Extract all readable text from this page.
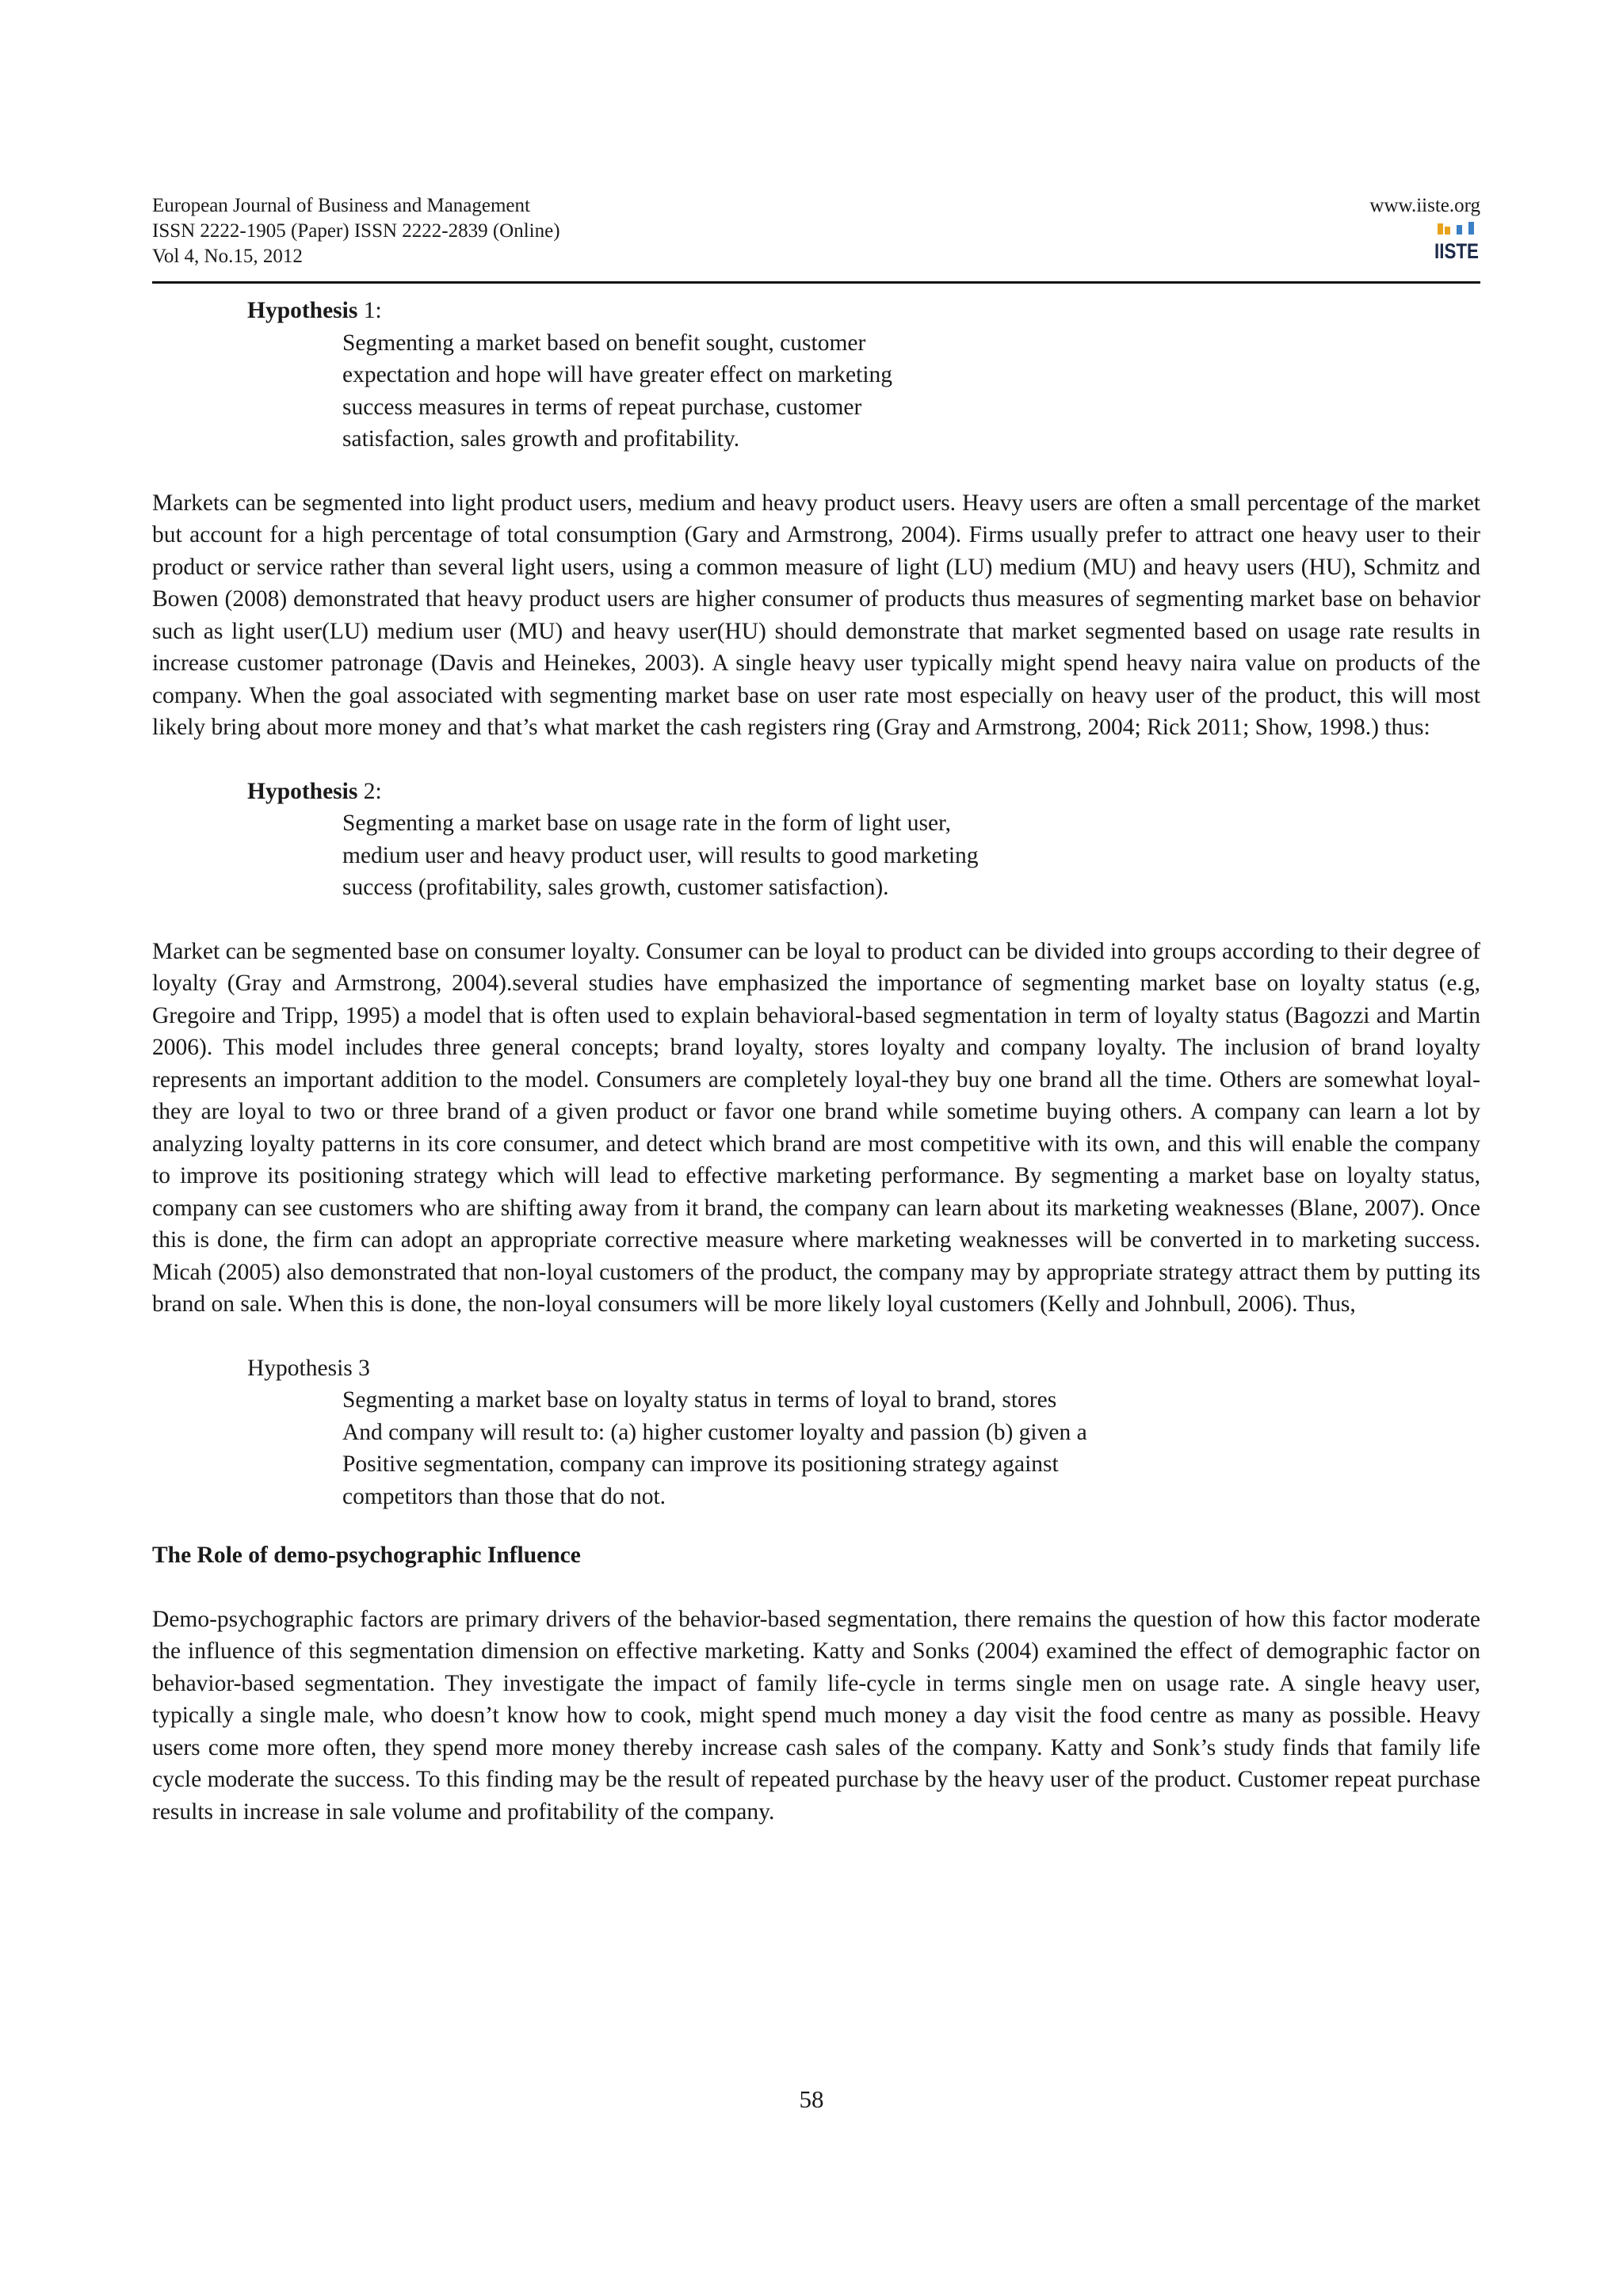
European Journal of Business and Management
ISSN 2222-1905 (Paper) ISSN 2222-2839 (Online)
Vol 4, No.15, 2012
www.iiste.org
IISTE
Hypothesis 1:
Segmenting a market based on benefit sought, customer
expectation and hope will have greater effect on marketing
success measures in terms of repeat purchase, customer
satisfaction, sales growth and profitability.

Markets can be segmented into light product users, medium and heavy product users. Heavy users are often a small percentage of the market but account for a high percentage of total consumption (Gary and Armstrong, 2004). Firms usually prefer to attract one heavy user to their product or service rather than several light users, using a common measure of light (LU) medium (MU) and heavy users (HU), Schmitz and Bowen (2008) demonstrated that heavy product users are higher consumer of products thus measures of segmenting market base on behavior such as light user(LU) medium user (MU) and heavy user(HU) should demonstrate that market segmented based on usage rate results in increase customer patronage (Davis and Heinekes, 2003). A single heavy user typically might spend heavy naira value on products of the company. When the goal associated with segmenting market base on user rate most especially on heavy user of the product, this will most likely bring about more money and that’s what market the cash registers ring (Gray and Armstrong, 2004; Rick 2011; Show, 1998.) thus:

Hypothesis 2:
Segmenting a market base on usage rate in the form of light user,
medium user and heavy product user, will results to good marketing
success (profitability, sales growth, customer satisfaction).

Market can be segmented base on consumer loyalty. Consumer can be loyal to product can be divided into groups according to their degree of loyalty (Gray and Armstrong, 2004).several studies have emphasized the importance of segmenting market base on loyalty status (e.g, Gregoire and Tripp, 1995) a model that is often used to explain behavioral-based segmentation in term of loyalty status (Bagozzi and Martin 2006). This model includes three general concepts; brand loyalty, stores loyalty and company loyalty. The inclusion of brand loyalty represents an important addition to the model. Consumers are completely loyal-they buy one brand all the time. Others are somewhat loyal-they are loyal to two or three brand of a given product or favor one brand while sometime buying others. A company can learn a lot by analyzing loyalty patterns in its core consumer, and detect which brand are most competitive with its own, and this will enable the company to improve its positioning strategy which will lead to effective marketing performance. By segmenting a market base on loyalty status, company can see customers who are shifting away from it brand, the company can learn about its marketing weaknesses (Blane, 2007). Once this is done, the firm can adopt an appropriate corrective measure where marketing weaknesses will be converted in to marketing success. Micah (2005) also demonstrated that non-loyal customers of the product, the company may by appropriate strategy attract them by putting its brand on sale. When this is done, the non-loyal consumers will be more likely loyal customers (Kelly and Johnbull, 2006). Thus,

Hypothesis 3
Segmenting a market base on loyalty status in terms of loyal to brand, stores
And company will result to: (a) higher customer loyalty and passion (b) given a
Positive segmentation, company can improve its positioning strategy against
competitors than those that do not.
The Role of demo-psychographic Influence

Demo-psychographic factors are primary drivers of the behavior-based segmentation, there remains the question of how this factor moderate the influence of this segmentation dimension on effective marketing. Katty and Sonks (2004) examined the effect of demographic factor on behavior-based segmentation. They investigate the impact of family life-cycle in terms single men on usage rate. A single heavy user, typically a single male, who doesn’t know how to cook, might spend much money a day visit the food centre as many as possible. Heavy users come more often, they spend more money thereby increase cash sales of the company. Katty and Sonk’s study finds that family life cycle moderate the success. To this finding may be the result of repeated purchase by the heavy user of the product. Customer repeat purchase results in increase in sale volume and profitability of the company.

58
